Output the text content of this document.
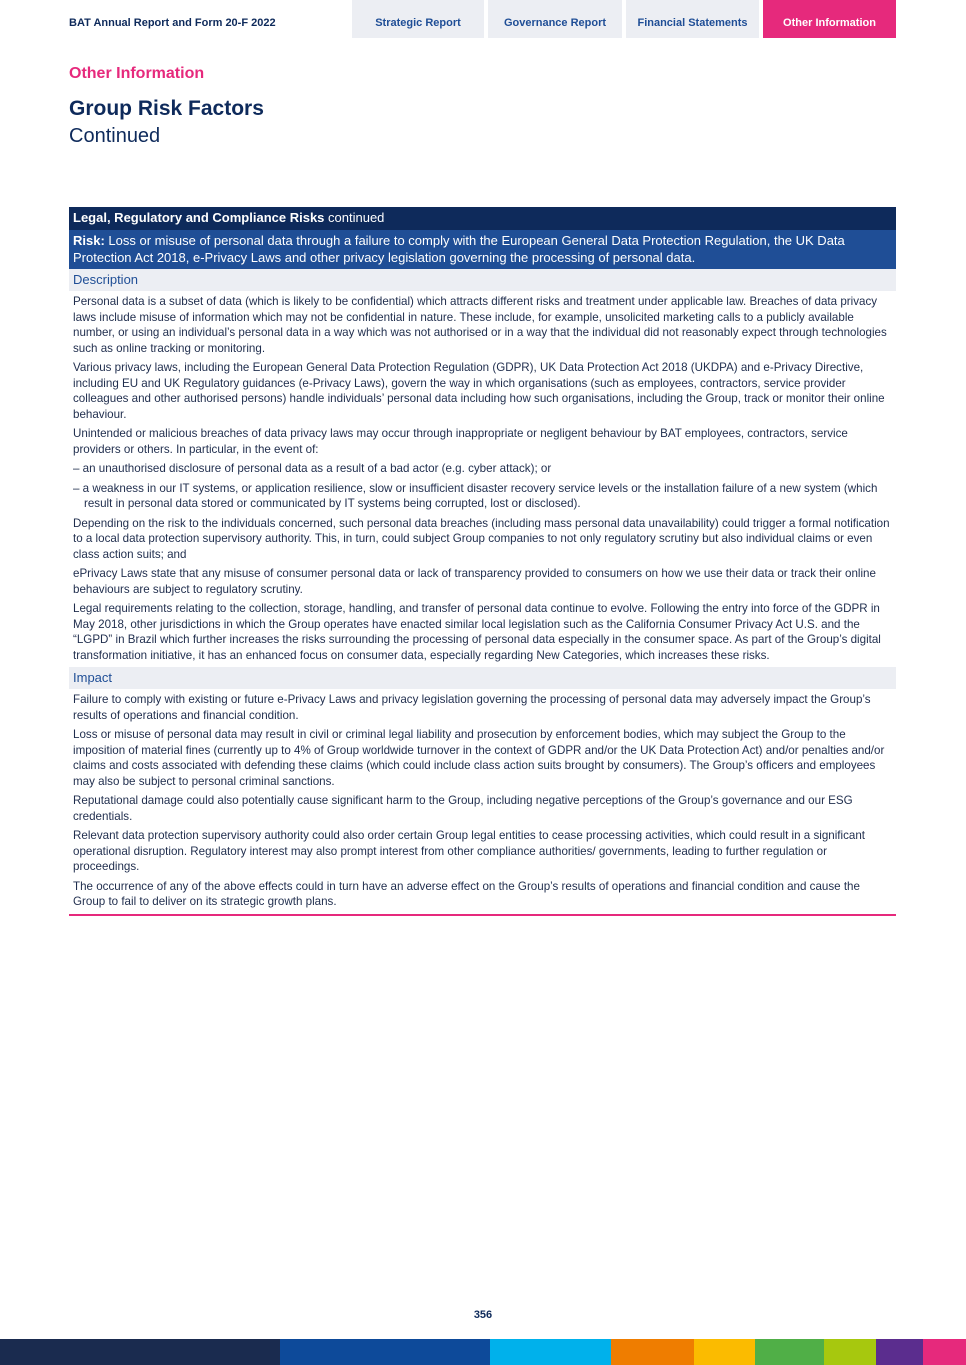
BAT Annual Report and Form 20-F 2022	Strategic Report	Governance Report	Financial Statements	Other Information
Other Information
Group Risk Factors
Continued
Legal, Regulatory and Compliance Risks continued
Risk: Loss or misuse of personal data through a failure to comply with the European General Data Protection Regulation, the UK Data Protection Act 2018, e-Privacy Laws and other privacy legislation governing the processing of personal data.
Description

Personal data is a subset of data (which is likely to be confidential) which attracts different risks and treatment under applicable law. Breaches of data privacy laws include misuse of information which may not be confidential in nature. These include, for example, unsolicited marketing calls to a publicly available number, or using an individual’s personal data in a way which was not authorised or in a way that the individual did not reasonably expect through technologies such as online tracking or monitoring.

Various privacy laws, including the European General Data Protection Regulation (GDPR), UK Data Protection Act 2018 (UKDPA) and e-Privacy Directive, including EU and UK Regulatory guidances (e-Privacy Laws), govern the way in which organisations (such as employees, contractors, service provider colleagues and other authorised persons) handle individuals’ personal data including how such organisations, including the Group, track or monitor their online behaviour.

Unintended or malicious breaches of data privacy laws may occur through inappropriate or negligent behaviour by BAT employees, contractors, service providers or others. In particular, in the event of:

– an unauthorised disclosure of personal data as a result of a bad actor (e.g. cyber attack); or

– a weakness in our IT systems, or application resilience, slow or insufficient disaster recovery service levels or the installation failure of a new system (which result in personal data stored or communicated by IT systems being corrupted, lost or disclosed).

Depending on the risk to the individuals concerned, such personal data breaches (including mass personal data unavailability) could trigger a formal notification to a local data protection supervisory authority. This, in turn, could subject Group companies to not only regulatory scrutiny but also individual claims or even class action suits; and

ePrivacy Laws state that any misuse of consumer personal data or lack of transparency provided to consumers on how we use their data or track their online behaviours are subject to regulatory scrutiny.

Legal requirements relating to the collection, storage, handling, and transfer of personal data continue to evolve. Following the entry into force of the GDPR in May 2018, other jurisdictions in which the Group operates have enacted similar local legislation such as the California Consumer Privacy Act U.S. and the “LGPD” in Brazil which further increases the risks surrounding the processing of personal data especially in the consumer space. As part of the Group’s digital transformation initiative, it has an enhanced focus on consumer data, especially regarding New Categories, which increases these risks.

Impact

Failure to comply with existing or future e-Privacy Laws and privacy legislation governing the processing of personal data may adversely impact the Group’s results of operations and financial condition.

Loss or misuse of personal data may result in civil or criminal legal liability and prosecution by enforcement bodies, which may subject the Group to the imposition of material fines (currently up to 4% of Group worldwide turnover in the context of GDPR and/or the UK Data Protection Act) and/or penalties and/or claims and costs associated with defending these claims (which could include class action suits brought by consumers). The Group’s officers and employees may also be subject to personal criminal sanctions.

Reputational damage could also potentially cause significant harm to the Group, including negative perceptions of the Group’s governance and our ESG credentials.

Relevant data protection supervisory authority could also order certain Group legal entities to cease processing activities, which could result in a significant operational disruption. Regulatory interest may also prompt interest from other compliance authorities/ governments, leading to further regulation or proceedings.

The occurrence of any of the above effects could in turn have an adverse effect on the Group’s results of operations and financial condition and cause the Group to fail to deliver on its strategic growth plans.

356
